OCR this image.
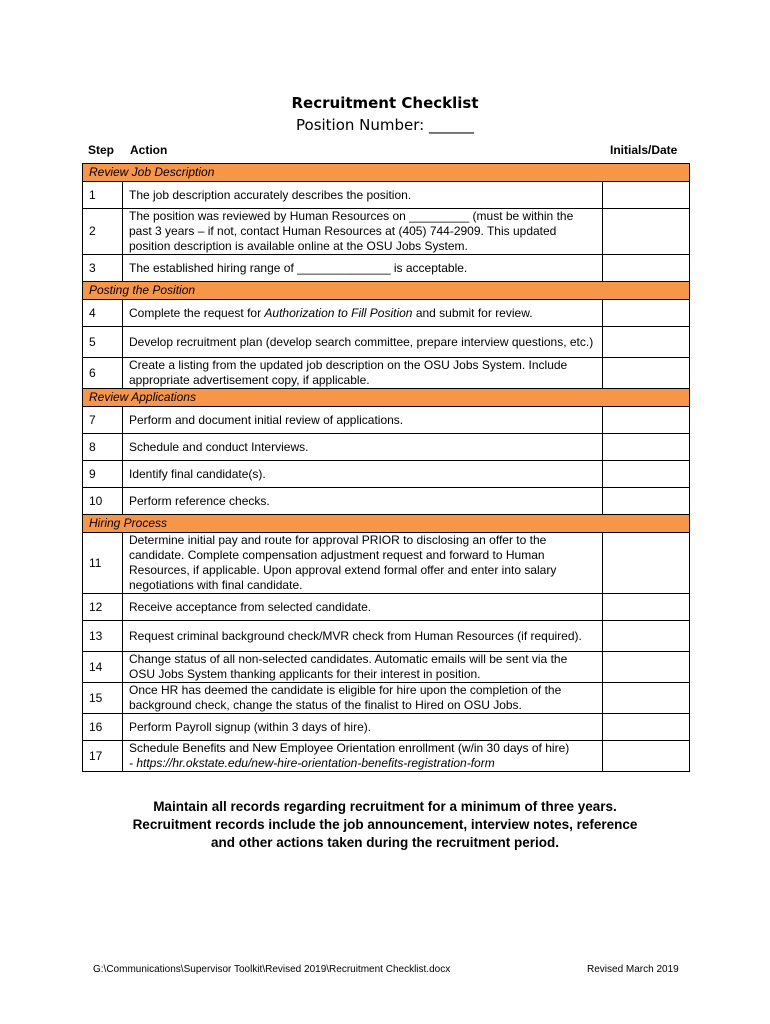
Recruitment Checklist
Position Number: ______
Step Action	Initials/Date
Review Job Description		
1	The job description accurately describes the position.	
2	The position was reviewed by Human Resources on _________ (must be within the past 3 years – if not, contact Human Resources at (405) 744-2909. This updated position description is available online at the OSU Jobs System.	
3	The established hiring range of ______________ is acceptable.	
Posting the Position		
4	Complete the request for Authorization to Fill Position and submit for review.	
5	Develop recruitment plan (develop search committee, prepare interview questions, etc.)	
6	Create a listing from the updated job description on the OSU Jobs System. Include appropriate advertisement copy, if applicable.	
Review Applications		
7	Perform and document initial review of applications.	
8	Schedule and conduct Interviews.	
9	Identify final candidate(s).	
10	Perform reference checks.	
Hiring Process		
11	Determine initial pay and route for approval PRIOR to disclosing an offer to the candidate. Complete compensation adjustment request and forward to Human Resources, if applicable. Upon approval extend formal offer and enter into salary negotiations with final candidate.	
12	Receive acceptance from selected candidate.	
13	Request criminal background check/MVR check from Human Resources (if required).	
14	Change status of all non-selected candidates. Automatic emails will be sent via the OSU Jobs System thanking applicants for their interest in position.	
15	Once HR has deemed the candidate is eligible for hire upon the completion of the background check, change the status of the finalist to Hired on OSU Jobs.	
16	Perform Payroll signup (within 3 days of hire).	
17	Schedule Benefits and New Employee Orientation enrollment (w/in 30 days of hire)
- https://hr.okstate.edu/new-hire-orientation-benefits-registration-form	
Maintain all records regarding recruitment for a minimum of three years.
Recruitment records include the job announcement, interview notes, reference
and other actions taken during the recruitment period.
G:\Communications\Supervisor Toolkit\Revised 2019\Recruitment Checklist.docx	Revised March 2019
